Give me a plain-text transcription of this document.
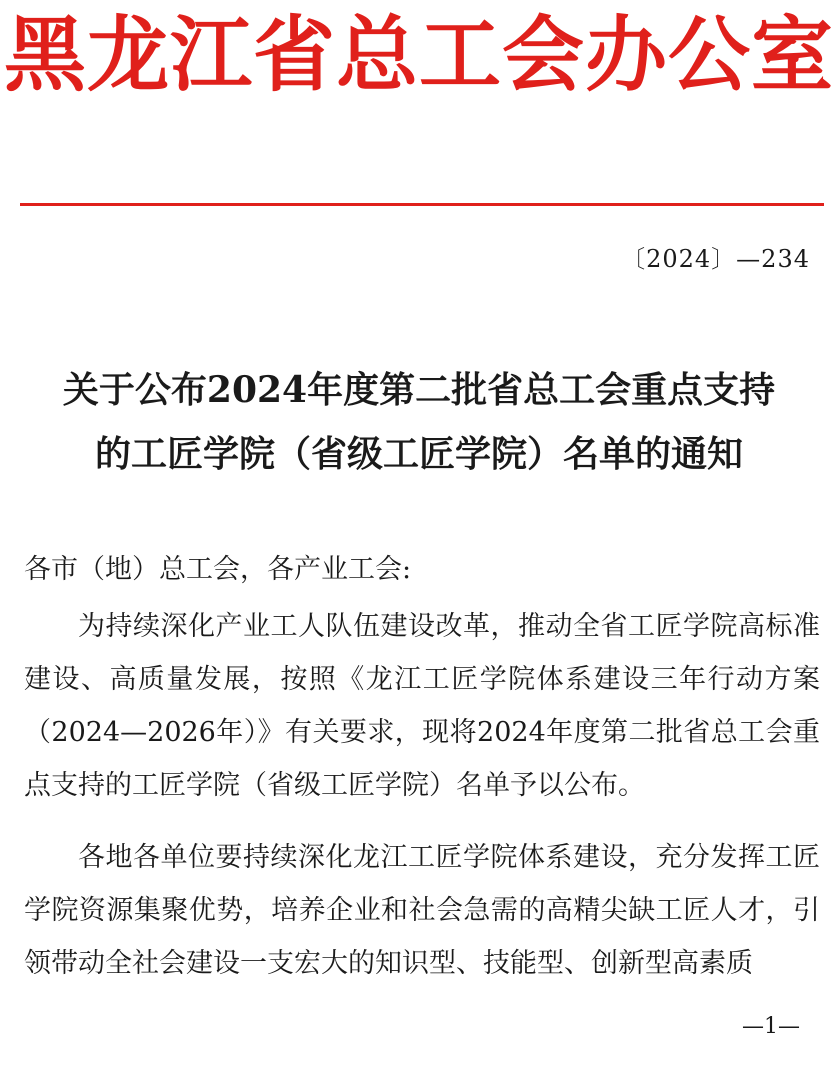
黑龙江省总工会办公室
〔2024〕—234
关于公布2024年度第二批省总工会重点支持
的工匠学院（省级工匠学院）名单的通知
各市（地）总工会，各产业工会:
为持续深化产业工人队伍建设改革，推动全省工匠学院高标准建设、高质量发展，按照《龙江工匠学院体系建设三年行动方案（2024—2026年）》有关要求，现将2024年度第二批省总工会重点支持的工匠学院（省级工匠学院）名单予以公布。
各地各单位要持续深化龙江工匠学院体系建设，充分发挥工匠学院资源集聚优势，培养企业和社会急需的高精尖缺工匠人才，引领带动全社会建设一支宏大的知识型、技能型、创新型高素质
—1—
